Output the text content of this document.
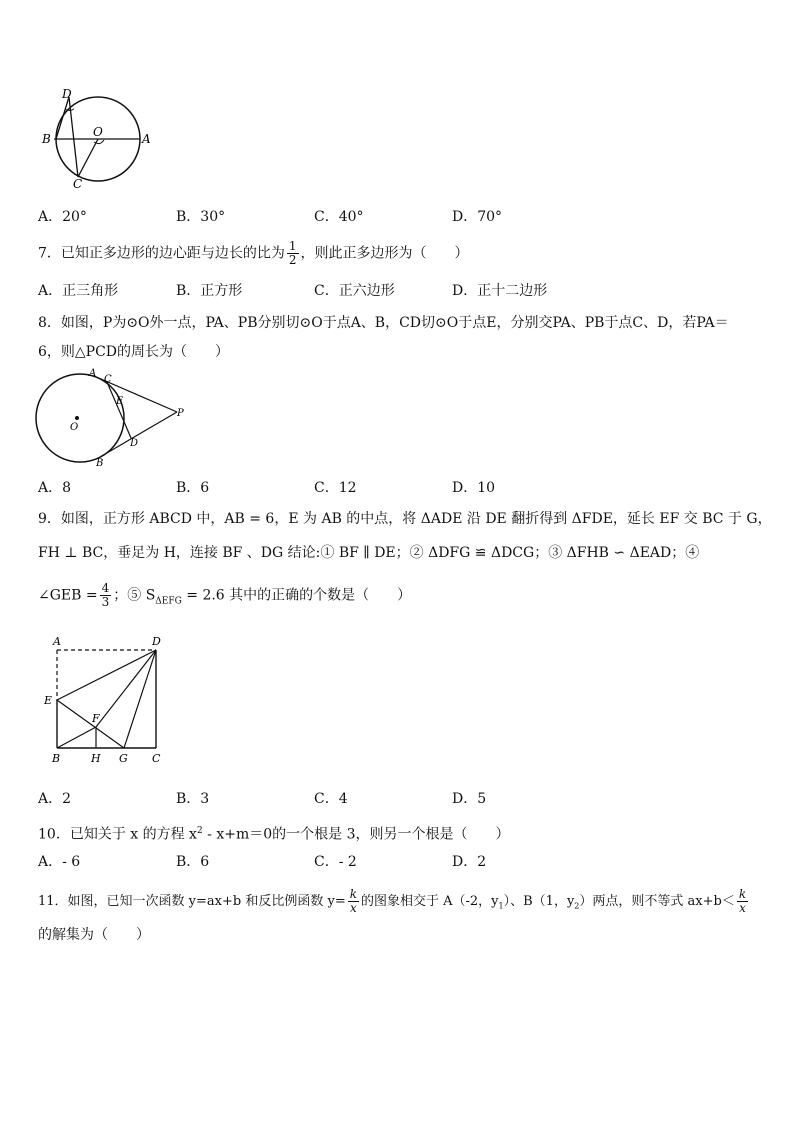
D
B	O	A
C
A．20°	B．30°	C．40°	D．70°
7．已知正多边形的边心距与边长的比为 $\frac{1}{2}$ ，则此正多边形为（　　）
A．正三角形	B．正方形	C．正六边形	D．正十二边形
8．如图，P为⊙O外一点，PA、PB分别切⊙O于点A、B，CD切⊙O于点E，分别交PA、PB于点C、D，若PA＝
6，则△PCD的周长为（　　）
A
C
E
P
O
D
B
A．8	B．6	C．12	D．10
9．如图，正方形 ABCD 中，AB = 6，E 为 AB 的中点，将 ΔADE 沿 DE 翻折得到 ΔFDE，延长 EF 交 BC 于 G，
FH ⊥ BC，垂足为 H，连接 BF 、DG 结论:① BF ∥ DE；② ΔDFG ≌ ΔDCG；③ ΔFHB ∽ ΔEAD；④
∠GEB = $\frac{4}{3}$ ；⑤ $S_{\Delta EFG} = 2.6$ 其中的正确的个数是（　　）
A	D
E
F
B	H G C
A．2	B．3	C．4	D．5
10．已知关于 x 的方程 $x^2 - x+m=0$的一个根是 3，则另一个根是（　　）
A．- 6	B．6	C．- 2	D．2
11．如图，已知一次函数 y=ax+b 和反比例函数 $y= \frac{k}{x}$ 的图象相交于 A（-2，$y_1$）、B（1，$y_2$）两点，则不等式 $ax+b< \frac{k}{x}$
的解集为（　　）
